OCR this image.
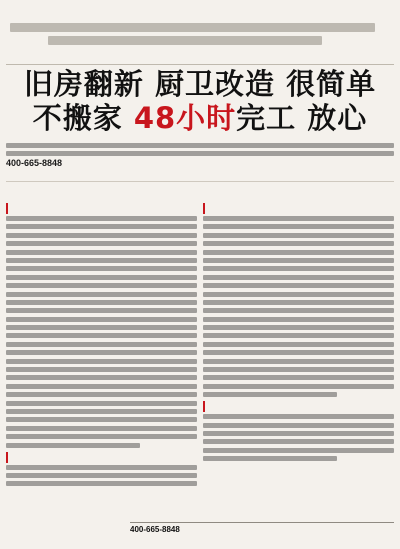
旧房翻新 厨卫改造 很简单
不搬家 48小时完工 放心
400-665-8848
400-665-8848
